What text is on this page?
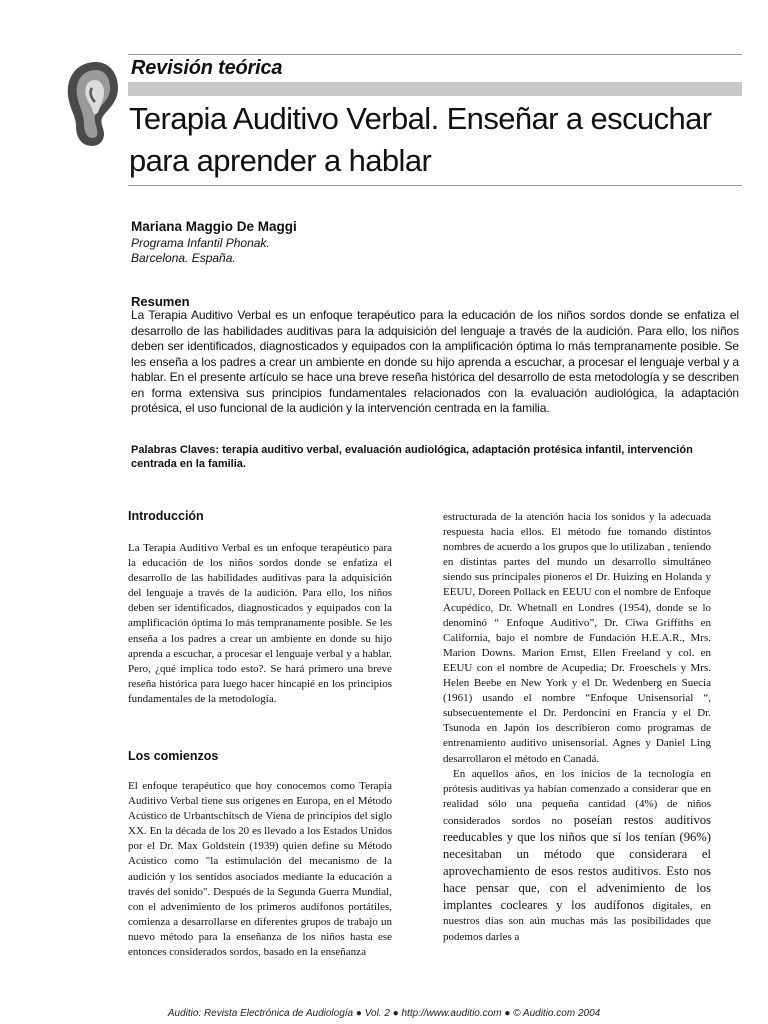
Revisión teórica
Terapia Auditivo Verbal. Enseñar a escuchar
para aprender a hablar
Mariana Maggio De Maggi
Programa Infantil Phonak.
Barcelona. España.
Resumen
La Terapia Auditivo Verbal es un enfoque terapéutico para la educación de los niños sordos donde se enfatiza el desarrollo de las habilidades auditivas para la adquisición del lenguaje a través de la audición. Para ello, los niños deben ser identificados, diagnosticados y equipados con la amplificación óptima lo más tempranamente posible. Se les enseña a los padres a crear un ambiente en donde su hijo aprenda a escuchar, a procesar el lenguaje verbal y a hablar. En el presente artículo se hace una breve reseña histórica del desarrollo de esta metodología y se describen en forma extensiva sus principios fundamentales relacionados con la evaluación audiológica, la adaptación protésica, el uso funcional de la audición y la intervención centrada en la familia.
Palabras Claves: terapia auditivo verbal, evaluación audiológica, adaptación protésica infantil, intervención centrada en la familia.
Introducción
La Terapia Auditivo Verbal es un enfoque terapéutico para la educación de los niños sordos donde se enfatiza el desarrollo de las habilidades auditivas para la adquisición del lenguaje a través de la audición. Para ello, los niños deben ser identificados, diagnosticados y equipados con la amplificación óptima lo más tempranamente posible. Se les enseña a los padres a crear un ambiente en donde su hijo aprenda a escuchar, a procesar el lenguaje verbal y a hablar. Pero, ¿qué implica todo esto?. Se hará primero una breve reseña histórica para luego hacer hincapié en los principios fundamentales de la metodología.
Los comienzos
El enfoque terapéutico que hoy conocemos como Terapia Auditivo Verbal tiene sus orígenes en Europa, en el Método Acústico de Urbantschitsch de Viena de principios del siglo XX. En la década de los 20 es llevado a los Estados Unidos por el Dr. Max Goldstein (1939) quien define su Método Acústico como "la estimulación del mecanismo de la audición y los sentidos asociados mediante la educación a través del sonido". Después de la Segunda Guerra Mundial, con el advenimiento de los primeros audífonos portátiles, comienza a desarrollarse en diferentes grupos de trabajo un nuevo método para la enseñanza de los niños hasta ese entonces considerados sordos, basado en la enseñanza

estructurada de la atención hacia los sonidos y la adecuada respuesta hacia ellos. El método fue tomando distintos nombres de acuerdo a los grupos que lo utilizaban , teniendo en distintas partes del mundo un desarrollo simultáneo siendo sus principales pioneros el Dr. Huizing en Holanda y EEUU, Doreen Pollack en EEUU con el nombre de Enfoque Acupédico, Dr. Whetnall en Londres (1954), donde se lo denominó “ Enfoque Auditivo”, Dr. Ciwa Griffiths en California, bajo el nombre de Fundación H.E.A.R., Mrs. Marion Downs. Marion Ernst, Ellen Freeland y col. en EEUU con el nombre de Acupedia; Dr. Froeschels y Mrs. Helen Beebe en New York y el Dr. Wedenberg en Suecia (1961) usando el nombre “Enfoque Unisensorial “, subsecuentemente el Dr. Perdoncini en Francia y el Dr. Tsunoda en Japón los describieron como programas de entrenamiento auditivo unisensorial. Agnes y Daniel Ling desarrollaron el método en Canadá.

En aquellos años, en los inicios de la tecnología en prótesis auditivas ya habían comenzado a considerar que en realidad sólo una pequeña cantidad (4%) de niños considerados sordos no poseían restos auditivos reeducables y que los niños que sí los tenían (96%) necesitaban un método que considerara el aprovechamiento de esos restos auditivos. Esto nos hace pensar que, con el advenimiento de los implantes cocleares y los audífonos digitales, en nuestros días son aún muchas más las posibilidades que podemos darles a

Auditio: Revista Electrónica de Audiología ● Vol. 2 ● http://www.auditio.com ● © Auditio.com 2004
